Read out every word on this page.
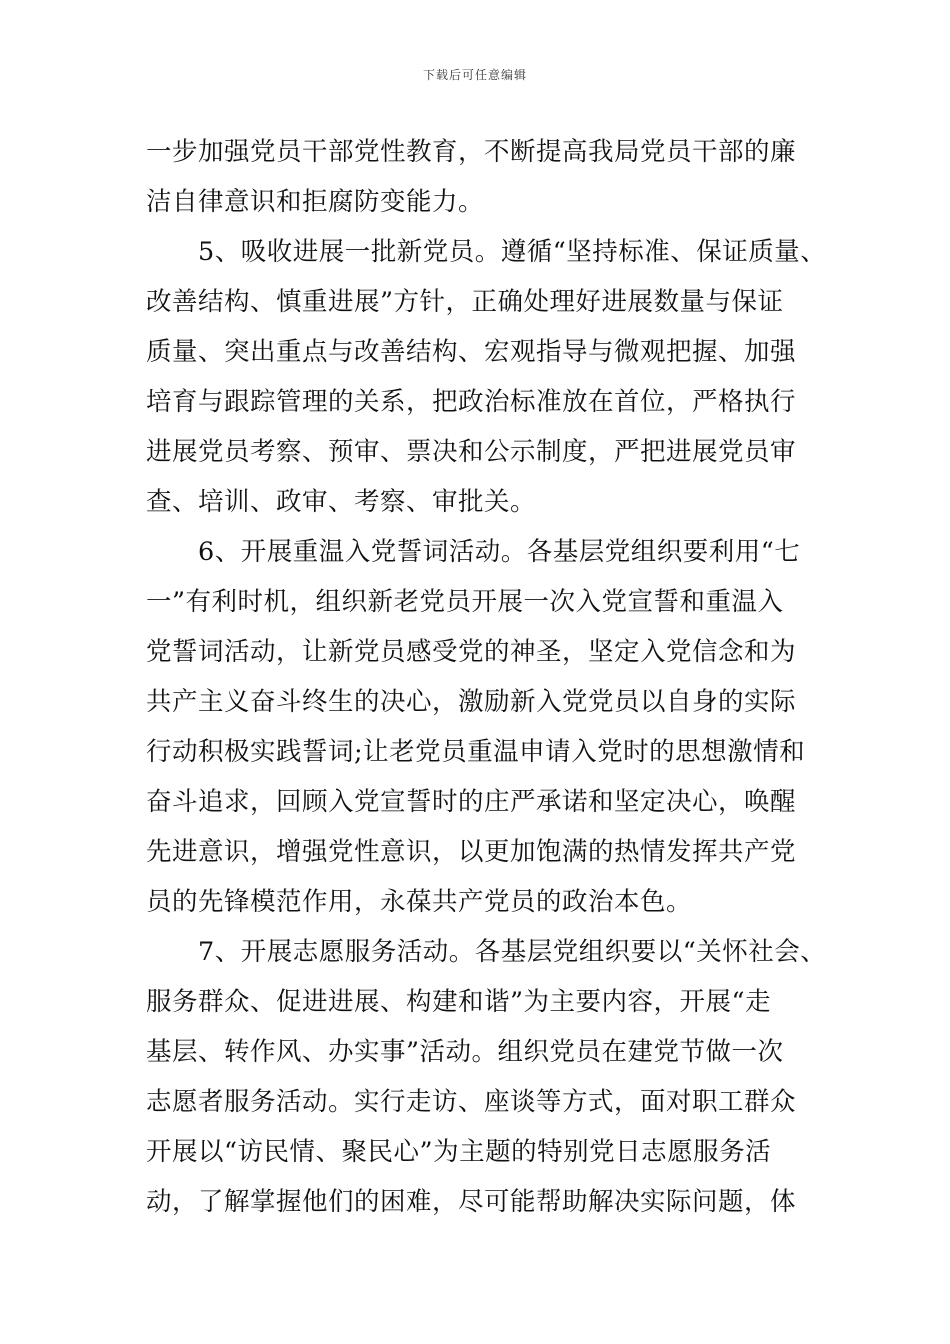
下载后可任意编辑
一步加强党员干部党性教育，不断提高我局党员干部的廉
洁自律意识和拒腐防变能力。
5、吸收进展一批新党员。遵循“坚持标准、保证质量、
改善结构、慎重进展”方针，正确处理好进展数量与保证
质量、突出重点与改善结构、宏观指导与微观把握、加强
培育与跟踪管理的关系，把政治标准放在首位，严格执行
进展党员考察、预审、票决和公示制度，严把进展党员审
查、培训、政审、考察、审批关。
6、开展重温入党誓词活动。各基层党组织要利用“七
一”有利时机，组织新老党员开展一次入党宣誓和重温入
党誓词活动，让新党员感受党的神圣，坚定入党信念和为
共产主义奋斗终生的决心，激励新入党党员以自身的实际
行动积极实践誓词;让老党员重温申请入党时的思想激情和
奋斗追求，回顾入党宣誓时的庄严承诺和坚定决心，唤醒
先进意识，增强党性意识，以更加饱满的热情发挥共产党
员的先锋模范作用，永葆共产党员的政治本色。
7、开展志愿服务活动。各基层党组织要以“关怀社会、
服务群众、促进进展、构建和谐”为主要内容，开展“走
基层、转作风、办实事”活动。组织党员在建党节做一次
志愿者服务活动。实行走访、座谈等方式，面对职工群众
开展以“访民情、聚民心”为主题的特别党日志愿服务活
动，了解掌握他们的困难，尽可能帮助解决实际问题，体
